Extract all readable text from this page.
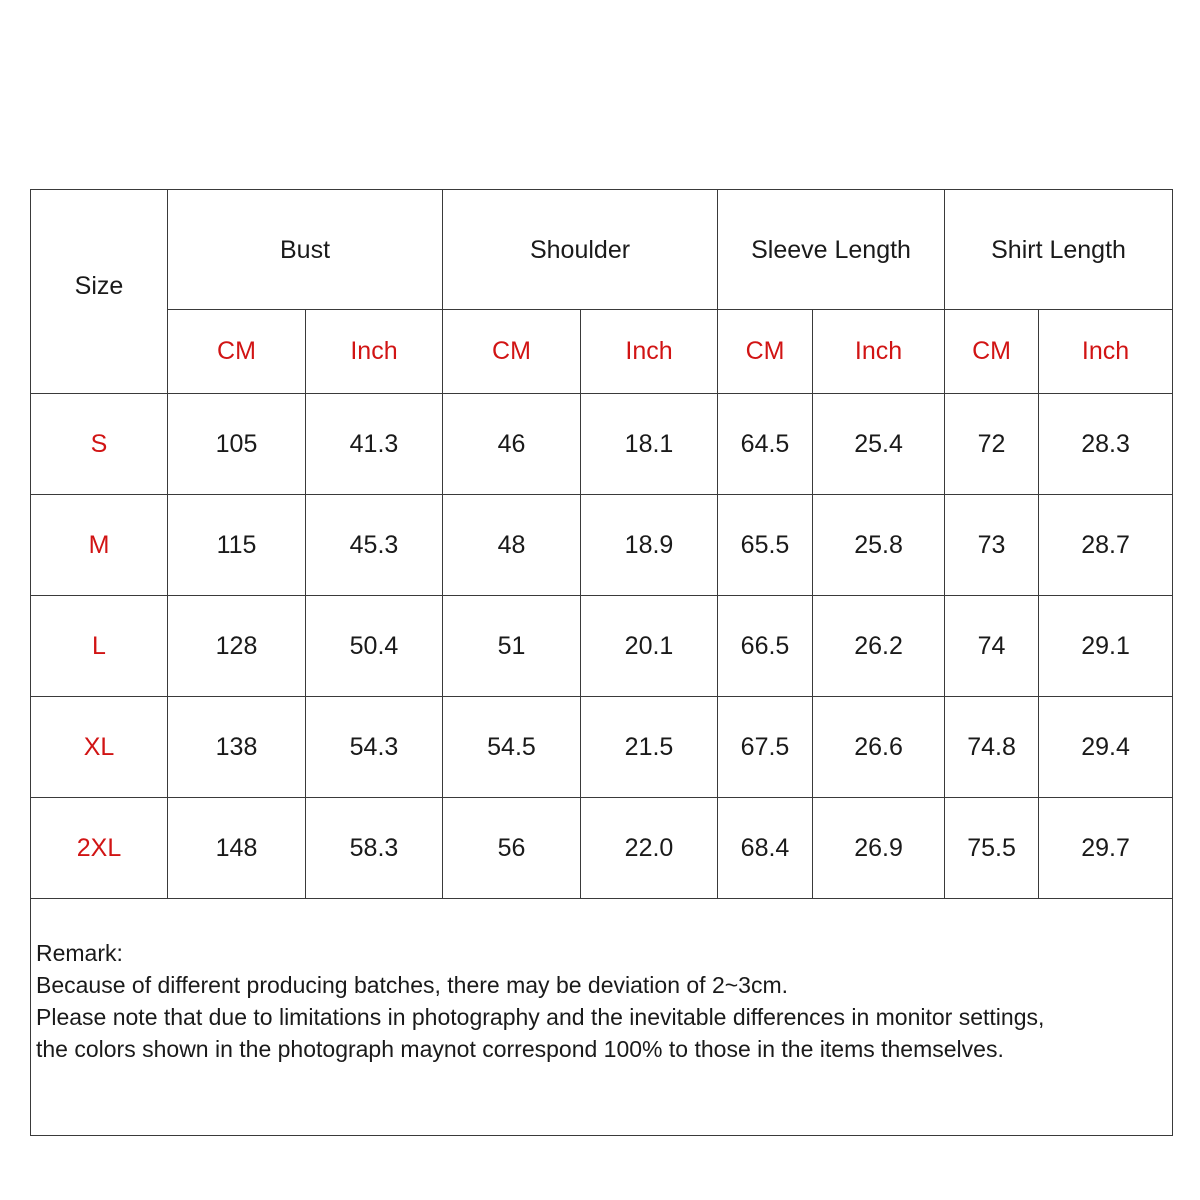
Size	Bust		Shoulder		Sleeve Length		Shirt Length	
	CM	Inch	CM	Inch	CM	Inch	CM	Inch
S	105	41.3	46	18.1	64.5	25.4	72	28.3
M	115	45.3	48	18.9	65.5	25.8	73	28.7
L	128	50.4	51	20.1	66.5	26.2	74	29.1
XL	138	54.3	54.5	21.5	67.5	26.6	74.8	29.4
2XL	148	58.3	56	22.0	68.4	26.9	75.5	29.7

Remark:
Because of different producing batches, there may be deviation of 2~3cm.
Please note that due to limitations in photography and the inevitable differences in monitor settings,
the colors shown in the photograph maynot correspond 100% to those in the items themselves.								
